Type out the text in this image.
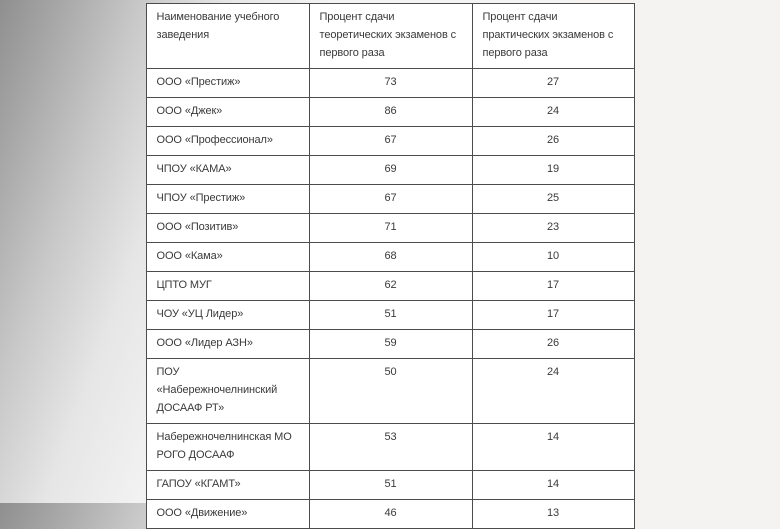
Наименование учебного заведения	Процент сдачи теоретических экзаменов с первого раза	Процент сдачи практических экзаменов с первого раза
ООО «Престиж»	73	27
ООО «Джек»	86	24
ООО «Профессионал»	67	26
ЧПОУ «КАМА»	69	19
ЧПОУ «Престиж»	67	25
ООО «Позитив»	71	23
ООО «Кама»	68	10
ЦПТО МУГ	62	17
ЧОУ «УЦ Лидер»	51	17
ООО «Лидер АЗН»	59	26
ПОУ «Набережночелнинский ДОСААФ РТ»	50	24
Набережночелнинская МО РОГО ДОСААФ	53	14
ГАПОУ «КГАМТ»	51	14
ООО «Движение»	46	13
